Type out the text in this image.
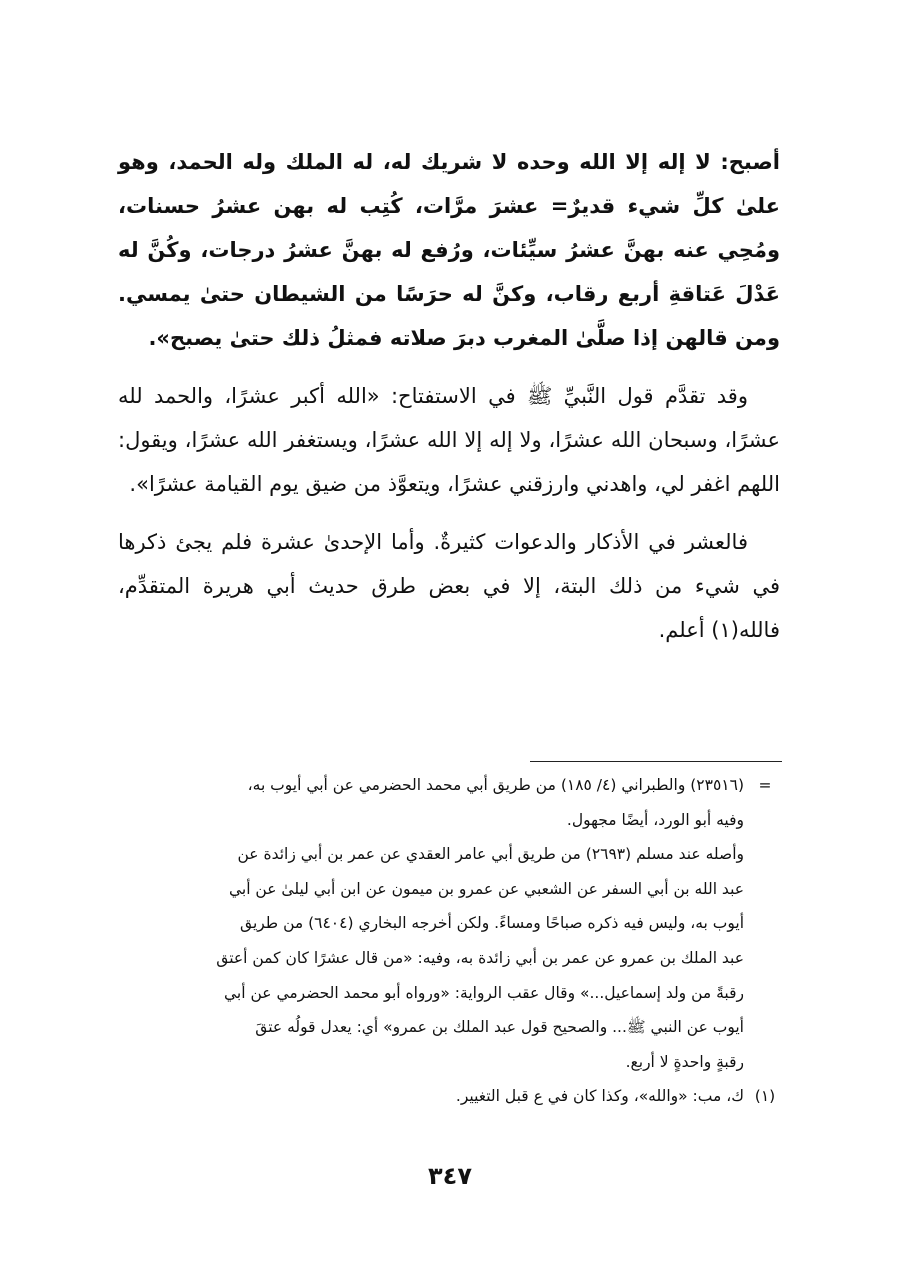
أصبح: لا إله إلا الله وحده لا شريك له، له الملك وله الحمد، وهو علىٰ كلِّ شيء قديرٌ= عشرَ مرَّات، كُتِب له بهن عشرُ حسنات، ومُحِي عنه بهنَّ عشرُ سيِّئات، ورُفع له بهنَّ عشرُ درجات، وكُنَّ له عَدْلَ عَتاقةِ أربع رقاب، وكنَّ له حرَسًا من الشيطان حتىٰ يمسي. ومن قالهن إذا صلَّىٰ المغرب دبرَ صلاته فمثلُ ذلك حتىٰ يصبح».

وقد تقدَّم قول النَّبيِّ ﷺ في الاستفتاح: «الله أكبر عشرًا، والحمد لله عشرًا، وسبحان الله عشرًا، ولا إله إلا الله عشرًا، ويستغفر الله عشرًا، ويقول: اللهم اغفر لي، واهدني وارزقني عشرًا، ويتعوَّذ من ضيق يوم القيامة عشرًا».

فالعشر في الأذكار والدعوات كثيرةٌ. وأما الإحدىٰ عشرة فلم يجئ ذكرها في شيء من ذلك البتة، إلا في بعض طرق حديث أبي هريرة المتقدِّم، فالله(١) أعلم.

=
(٢٣٥١٦) والطبراني (٤/ ١٨٥) من طريق أبي محمد الحضرمي عن أبي أيوب به،
وفيه أبو الورد، أيضًا مجهول.
وأصله عند مسلم (٢٦٩٣) من طريق أبي عامر العقدي عن عمر بن أبي زائدة عن
عبد الله بن أبي السفر عن الشعبي عن عمرو بن ميمون عن ابن أبي ليلىٰ عن أبي
أيوب به، وليس فيه ذكره صباحًا ومساءً. ولكن أخرجه البخاري (٦٤٠٤) من طريق
عبد الملك بن عمرو عن عمر بن أبي زائدة به، وفيه: «من قال عشرًا كان كمن أعتق
رقبةً من ولد إسماعيل...» وقال عقب الرواية: «ورواه أبو محمد الحضرمي عن أبي
أيوب عن النبي ﷺ... والصحيح قول عبد الملك بن عمرو» أي: يعدل قولُه عتقَ
رقبةٍ واحدةٍ لا أربع.
(١)
ك، مب: «والله»، وكذا كان في ع قبل التغيير.
٣٤٧
